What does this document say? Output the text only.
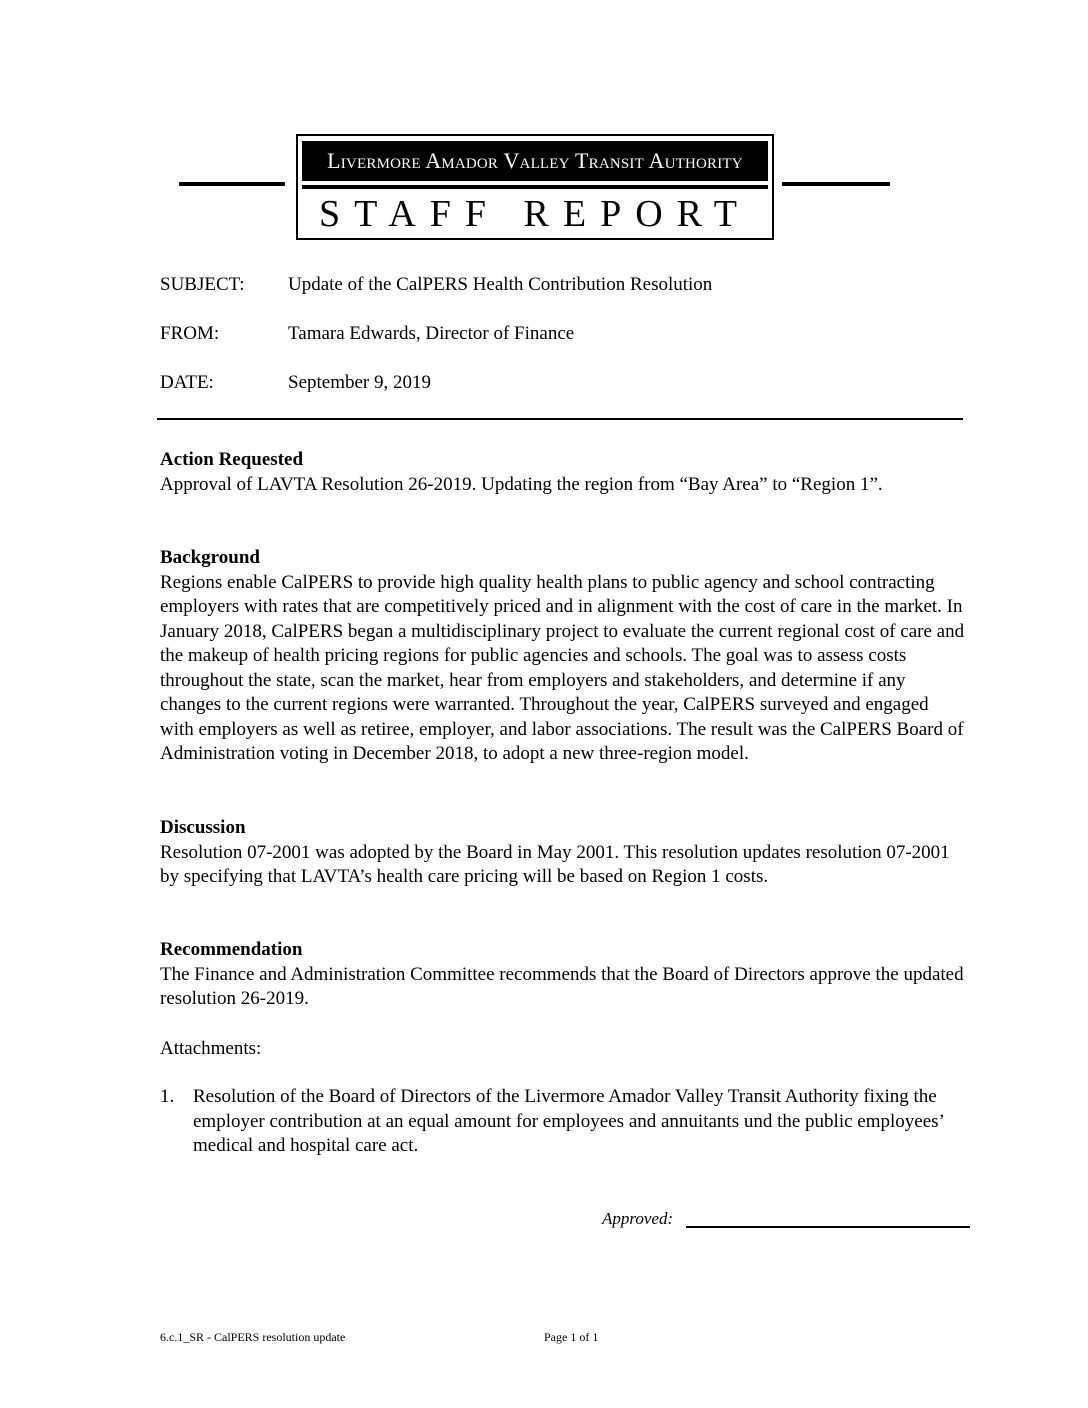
Livermore Amador Valley Transit Authority
STAFF REPORT
SUBJECT: Update of the CalPERS Health Contribution Resolution
FROM:	Tamara Edwards, Director of Finance
DATE:	September 9, 2019
Action Requested

Approval of LAVTA Resolution 26-2019. Updating the region from “Bay Area” to “Region 1”.

Background

Regions enable CalPERS to provide high quality health plans to public agency and school contracting employers with rates that are competitively priced and in alignment with the cost of care in the market. In January 2018, CalPERS began a multidisciplinary project to evaluate the current regional cost of care and the makeup of health pricing regions for public agencies and schools. The goal was to assess costs throughout the state, scan the market, hear from employers and stakeholders, and determine if any changes to the current regions were warranted. Throughout the year, CalPERS surveyed and engaged with employers as well as retiree, employer, and labor associations. The result was the CalPERS Board of Administration voting in December 2018, to adopt a new three-region model.

Discussion

Resolution 07-2001 was adopted by the Board in May 2001. This resolution updates resolution 07-2001 by specifying that LAVTA’s health care pricing will be based on Region 1 costs.

Recommendation

The Finance and Administration Committee recommends that the Board of Directors approve the updated resolution 26-2019.

Attachments:
1. Resolution of the Board of Directors of the Livermore Amador Valley Transit Authority fixing the employer contribution at an equal amount for employees and annuitants und the public employees’ medical and hospital care act.
Approved:
6.c.1_SR - CalPERS resolution update	Page 1 of 1
